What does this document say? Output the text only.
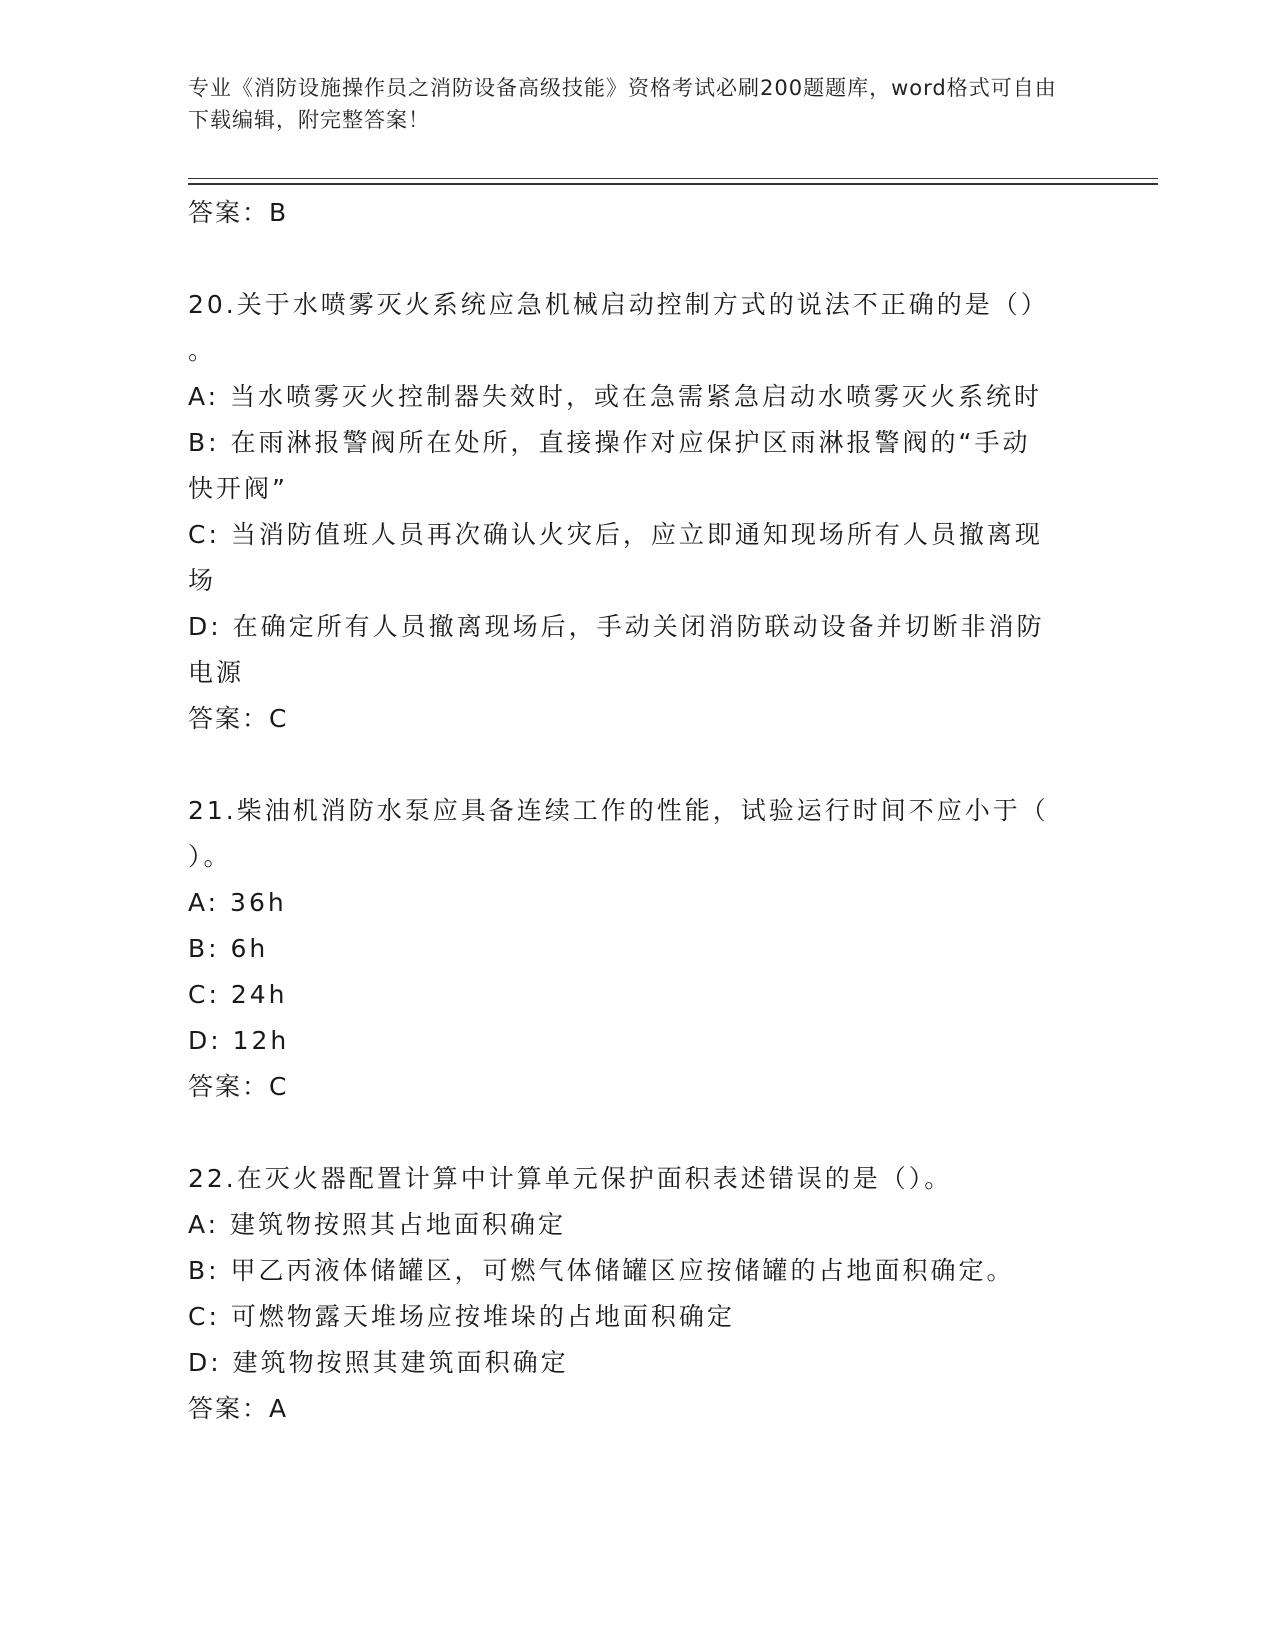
专业《消防设施操作员之消防设备高级技能》资格考试必刷200题题库，word格式可自由下载编辑，附完整答案！
答案：B
20.关于水喷雾灭火系统应急机械启动控制方式的说法不正确的是（）
。
A: 当水喷雾灭火控制器失效时，或在急需紧急启动水喷雾灭火系统时
B: 在雨淋报警阀所在处所，直接操作对应保护区雨淋报警阀的“手动
快开阀”
C: 当消防值班人员再次确认火灾后，应立即通知现场所有人员撤离现
场
D: 在确定所有人员撤离现场后，手动关闭消防联动设备并切断非消防
电源
答案：C
21.柴油机消防水泵应具备连续工作的性能，试验运行时间不应小于（
）。
A: 36h
B: 6h
C: 24h
D: 12h
答案：C
22.在灭火器配置计算中计算单元保护面积表述错误的是（）。
A: 建筑物按照其占地面积确定
B: 甲乙丙液体储罐区，可燃气体储罐区应按储罐的占地面积确定。
C: 可燃物露天堆场应按堆垛的占地面积确定
D: 建筑物按照其建筑面积确定
答案：A
